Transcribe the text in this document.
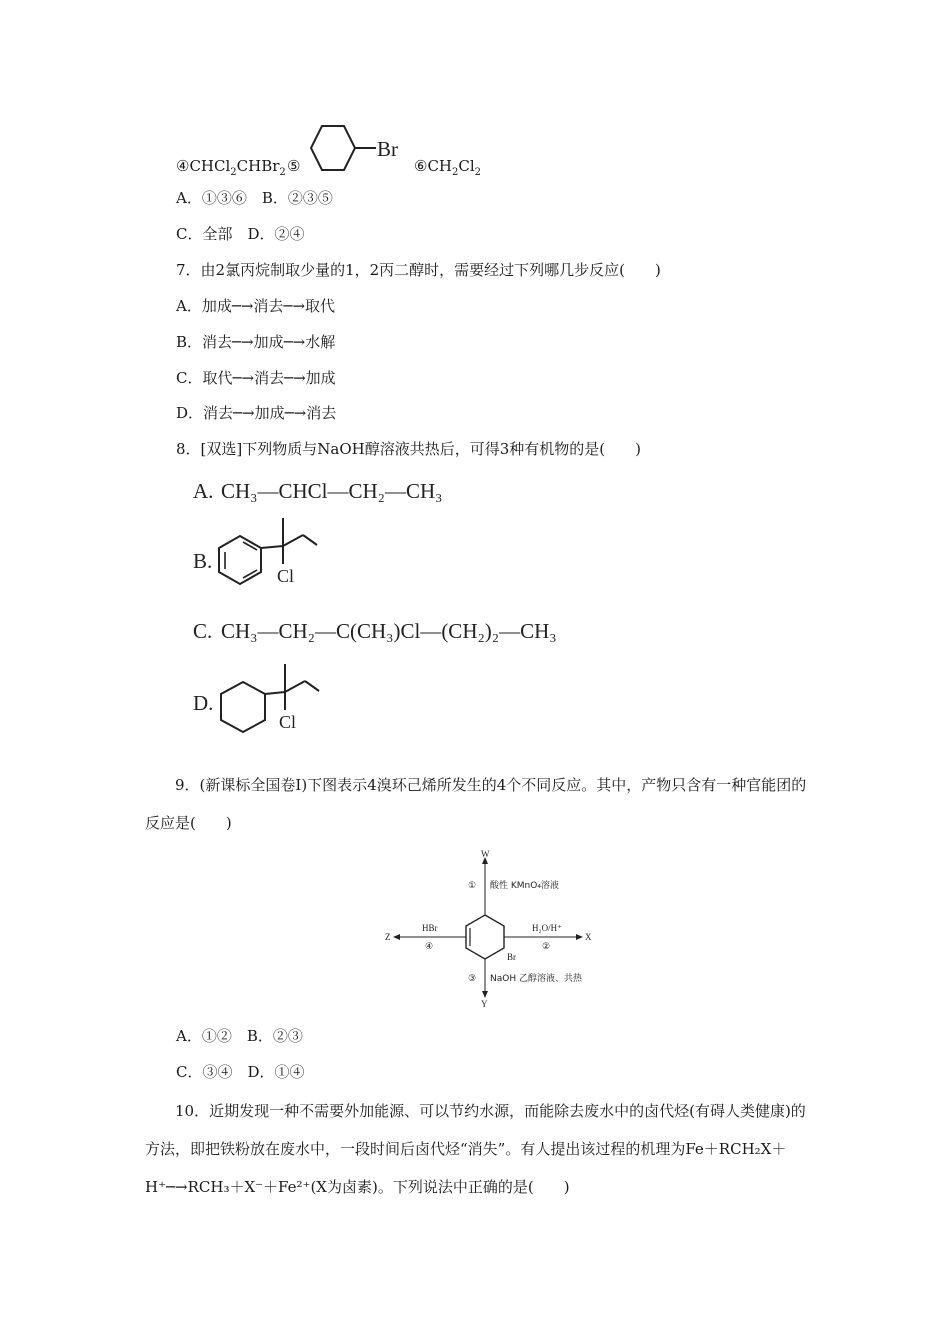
④CHCl$_2$CHBr$_2$ ⑤
Br
$⑥CH_2Cl_2$
A．①③⑥　B．②③⑤
C．全部　D．②④
7．由2氯丙烷制取少量的1，2丙二醇时，需要经过下列哪几步反应(　　)
A．加成─→消去─→取代
B．消去─→加成─→水解
C．取代─→消去─→加成
D．消去─→加成─→消去
8．[双选]下列物质与NaOH醇溶液共热后，可得3种有机物的是(　　)
A. CH₃—CHCl—CH₂—CH₃
B.
Cl
C. CH₃—CH₂—C(CH₃)Cl—(CH₂)₂—CH₃
D.
Cl
9．(新课标全国卷Ⅰ)下图表示4溴环己烯所发生的4个不同反应。其中，产物只含有一种官能团的反应是(　　)
Br
W
① 酸性 KMnO₄溶液
X
H₂O/H⁺
②
Z
HBr
④
Y
③ NaOH 乙醇溶液、共热
A．①②　B．②③
C．③④　D．①④
10．近期发现一种不需要外加能源、可以节约水源，而能除去废水中的卤代烃(有碍人类健康)的方法，即把铁粉放在废水中，一段时间后卤代烃“消失”。有人提出该过程的机理为Fe＋RCH₂X＋H⁺─→RCH₃＋X⁻＋Fe²⁺(X为卤素)。下列说法中正确的是(　　)
